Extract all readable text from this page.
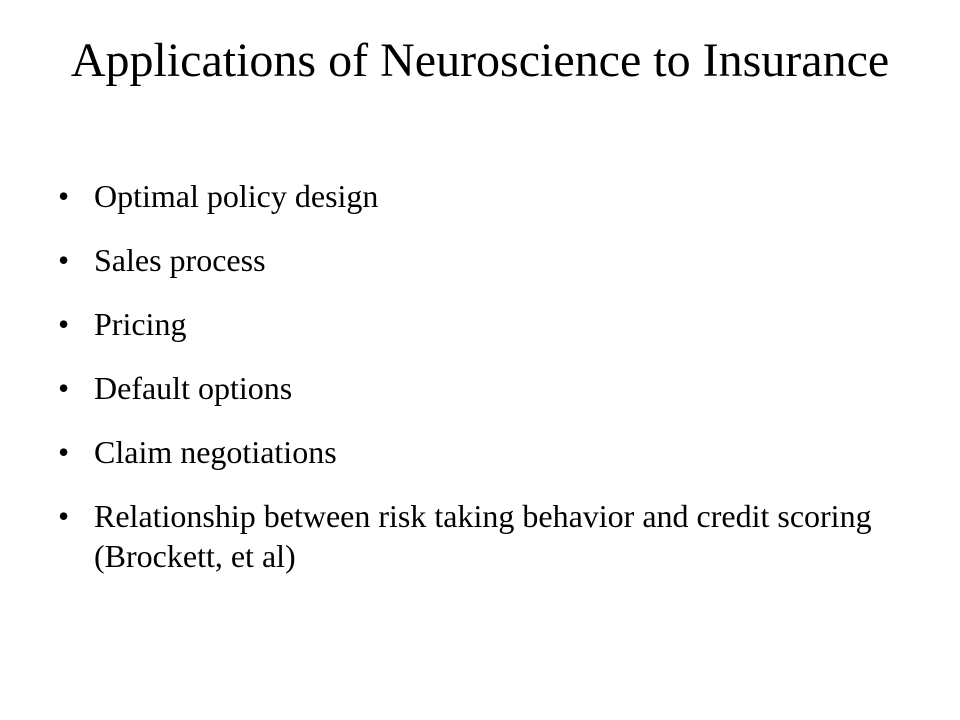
Applications of Neuroscience to Insurance
• Optimal policy design
• Sales process
• Pricing
• Default options
• Claim negotiations
• Relationship between risk taking behavior and credit scoring (Brockett, et al)
